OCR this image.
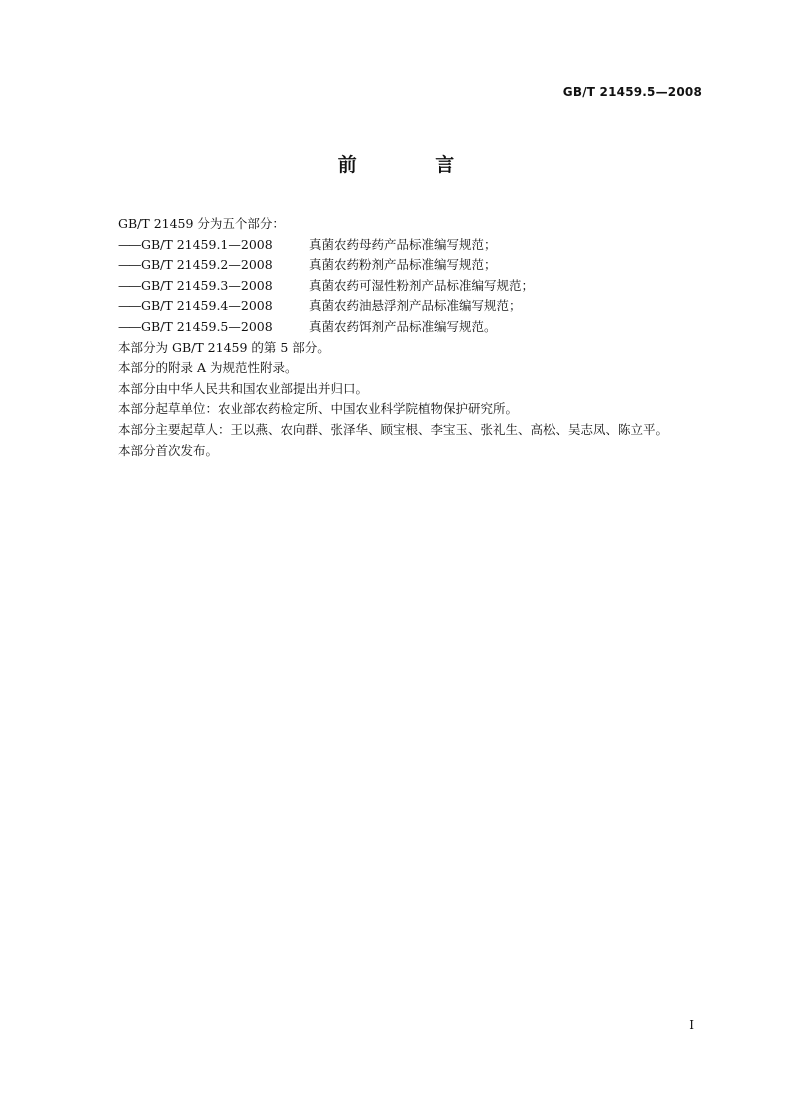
GB/T 21459.5—2008
前 言
GB/T 21459 分为五个部分：
——GB/T 21459.1—2008	真菌农药母药产品标准编写规范；
——GB/T 21459.2—2008	真菌农药粉剂产品标准编写规范；
——GB/T 21459.3—2008	真菌农药可湿性粉剂产品标准编写规范；
——GB/T 21459.4—2008	真菌农药油悬浮剂产品标准编写规范；
——GB/T 21459.5—2008	真菌农药饵剂产品标准编写规范。
本部分为 GB/T 21459 的第 5 部分。
本部分的附录 A 为规范性附录。
本部分由中华人民共和国农业部提出并归口。
本部分起草单位：农业部农药检定所、中国农业科学院植物保护研究所。
本部分主要起草人：王以燕、农向群、张泽华、顾宝根、李宝玉、张礼生、高松、吴志凤、陈立平。
本部分首次发布。
I
